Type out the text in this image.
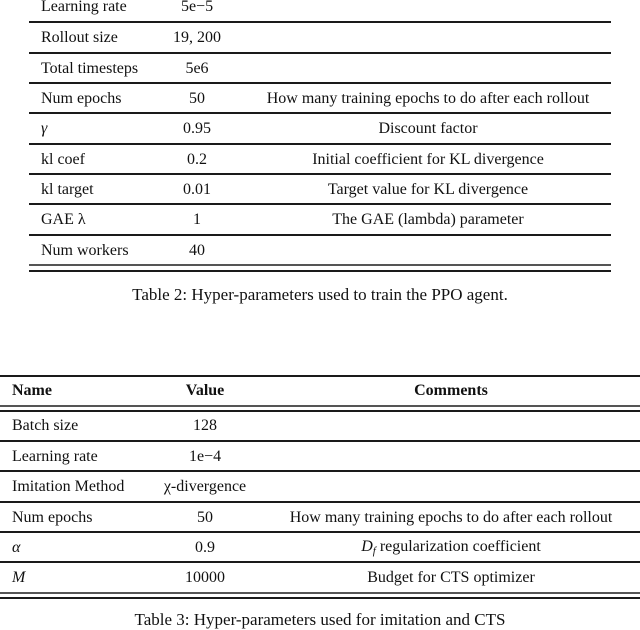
Learning rate	5e−5
Rollout size	19, 200
Total timesteps	5e6
Num epochs	50	How many training epochs to do after each rollout
γ	0.95	Discount factor
kl coef	0.2	Initial coefficient for KL divergence
kl target	0.01	Target value for KL divergence
GAE λ	1	The GAE (lambda) parameter
Num workers	40
Table 2: Hyper-parameters used to train the PPO agent.
Name	Value	Comments
Batch size	128
Learning rate	1e−4
Imitation Method	χ-divergence
Num epochs	50	How many training epochs to do after each rollout
α	0.9	$D_f$ regularization coefficient
M	10000	Budget for CTS optimizer
Table 3: Hyper-parameters used for imitation and CTS
